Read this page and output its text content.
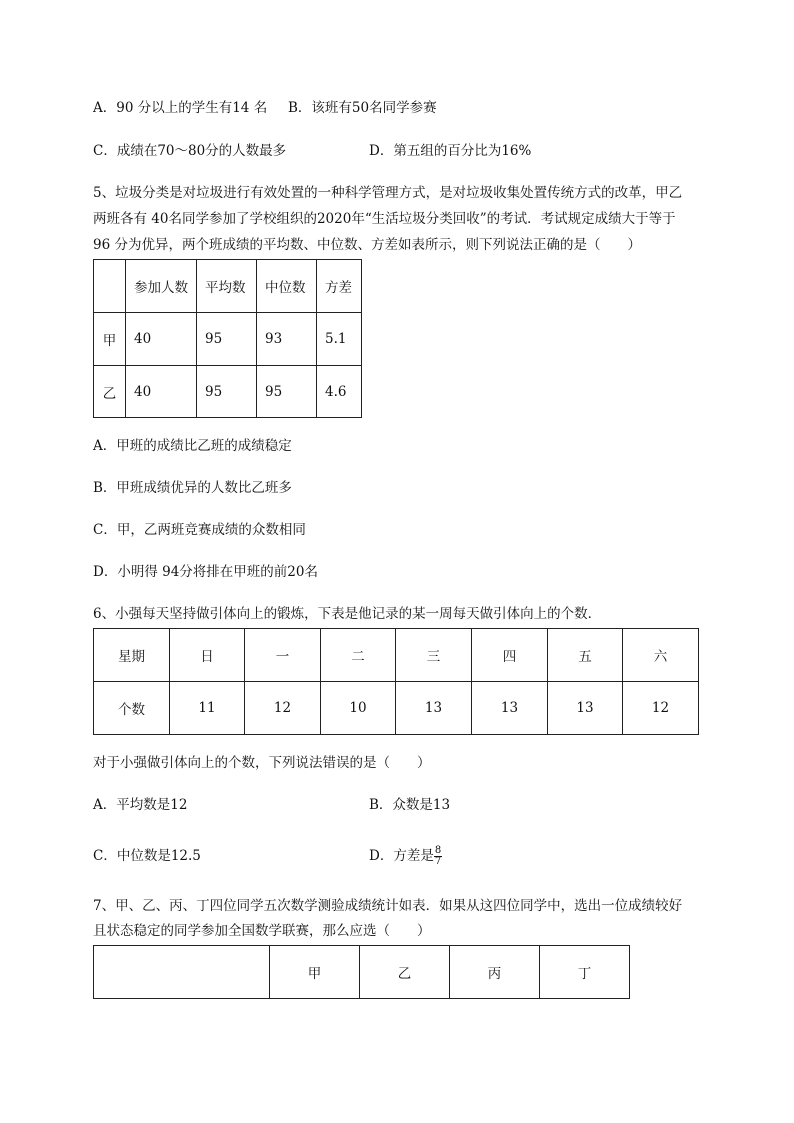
A．90 分以上的学生有14 名 B．该班有50名同学参赛
C．成绩在70～80分的人数最多	D．第五组的百分比为16%
5、垃圾分类是对垃圾进行有效处置的一种科学管理方式，是对垃圾收集处置传统方式的改革，甲乙
两班各有 40名同学参加了学校组织的2020年“生活垃圾分类回收”的考试．考试规定成绩大于等于
96 分为优异，两个班成绩的平均数、中位数、方差如表所示，则下列说法正确的是（　　）
	参加人数	平均数	中位数	方差
甲	40	95	93	5.1
乙	40	95	95	4.6
A．甲班的成绩比乙班的成绩稳定
B．甲班成绩优异的人数比乙班多
C．甲，乙两班竞赛成绩的众数相同
D．小明得 94分将排在甲班的前20名
6、小强每天坚持做引体向上的锻炼，下表是他记录的某一周每天做引体向上的个数．
星期	日	一	二	三	四	五	六
个数	11	12	10	13	13	13	12
对于小强做引体向上的个数，下列说法错误的是（　　）
A．平均数是12	B．众数是13
C．中位数是12.5	D．方差是 $\frac{8}{7}$
7、甲、乙、丙、丁四位同学五次数学测验成绩统计如表．如果从这四位同学中，选出一位成绩较好
且状态稳定的同学参加全国数学联赛，那么应选（　　）
	甲	乙	丙	丁
